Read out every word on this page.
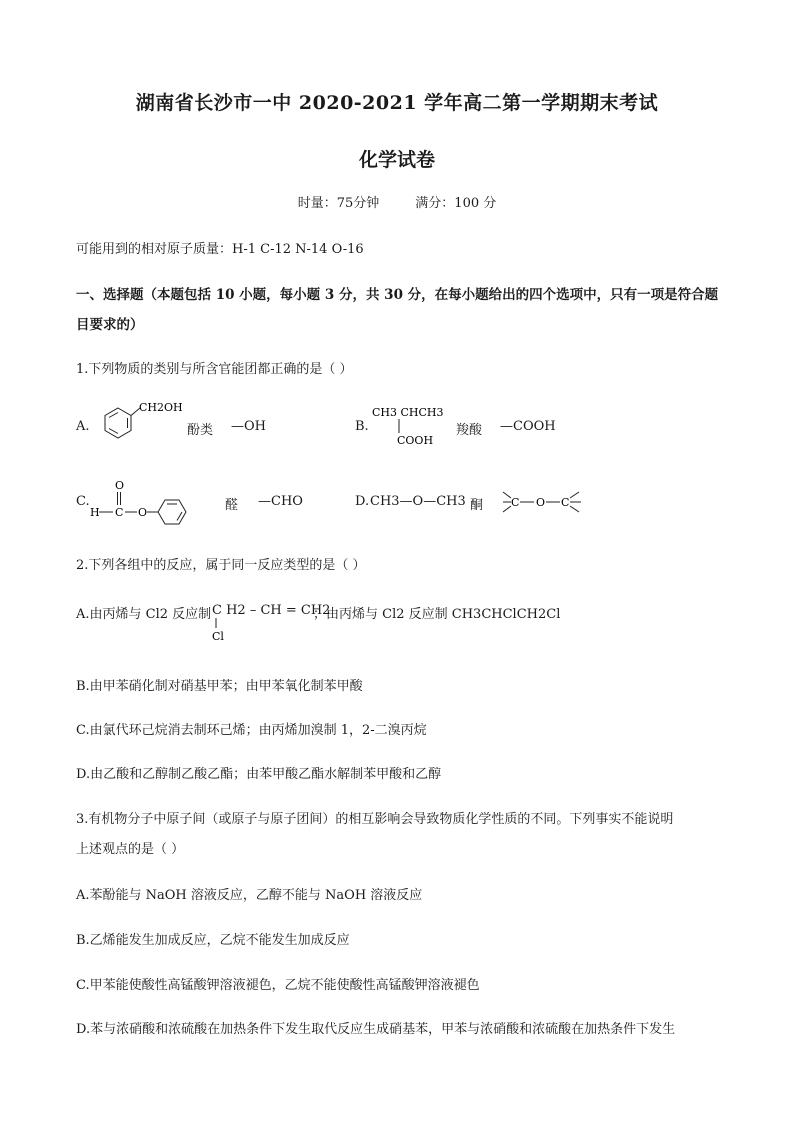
湖南省长沙市一中 2020-2021 学年高二第一学期期末考试
化学试卷
时量：75分钟	满分：100 分
可能用到的相对原子质量：H-1 C-12 N-14 O-16
一、选择题（本题包括 10 小题，每小题 3 分，共 30 分，在每小题给出的四个选项中，只有一项是符合题
目要求的）
1.下列物质的类别与所含官能团都正确的是（ ）
A.
CH2OH
酚类 —OH	B.
CH3 CHCH3
COOH
羧酸 —COOH
C.
H C
O
O	醛 —CHO	D. CH3—O—CH3 酮	C O C
2.下列各组中的反应，属于同一反应类型的是（ ）
A.由丙烯与 Cl2 反应制 C H2 – CH = CH2
Cl
；由丙烯与 Cl2 反应制 CH3CHClCH2Cl
B.由甲苯硝化制对硝基甲苯；由甲苯氧化制苯甲酸
C.由氯代环己烷消去制环己烯；由丙烯加溴制 1，2-二溴丙烷
D.由乙酸和乙醇制乙酸乙酯；由苯甲酸乙酯水解制苯甲酸和乙醇
3.有机物分子中原子间（或原子与原子团间）的相互影响会导致物质化学性质的不同。下列事实不能说明
上述观点的是（ ）
A.苯酚能与 NaOH 溶液反应，乙醇不能与 NaOH 溶液反应
B.乙烯能发生加成反应，乙烷不能发生加成反应
C.甲苯能使酸性高锰酸钾溶液褪色，乙烷不能使酸性高锰酸钾溶液褪色
D.苯与浓硝酸和浓硫酸在加热条件下发生取代反应生成硝基苯，甲苯与浓硝酸和浓硫酸在加热条件下发生
